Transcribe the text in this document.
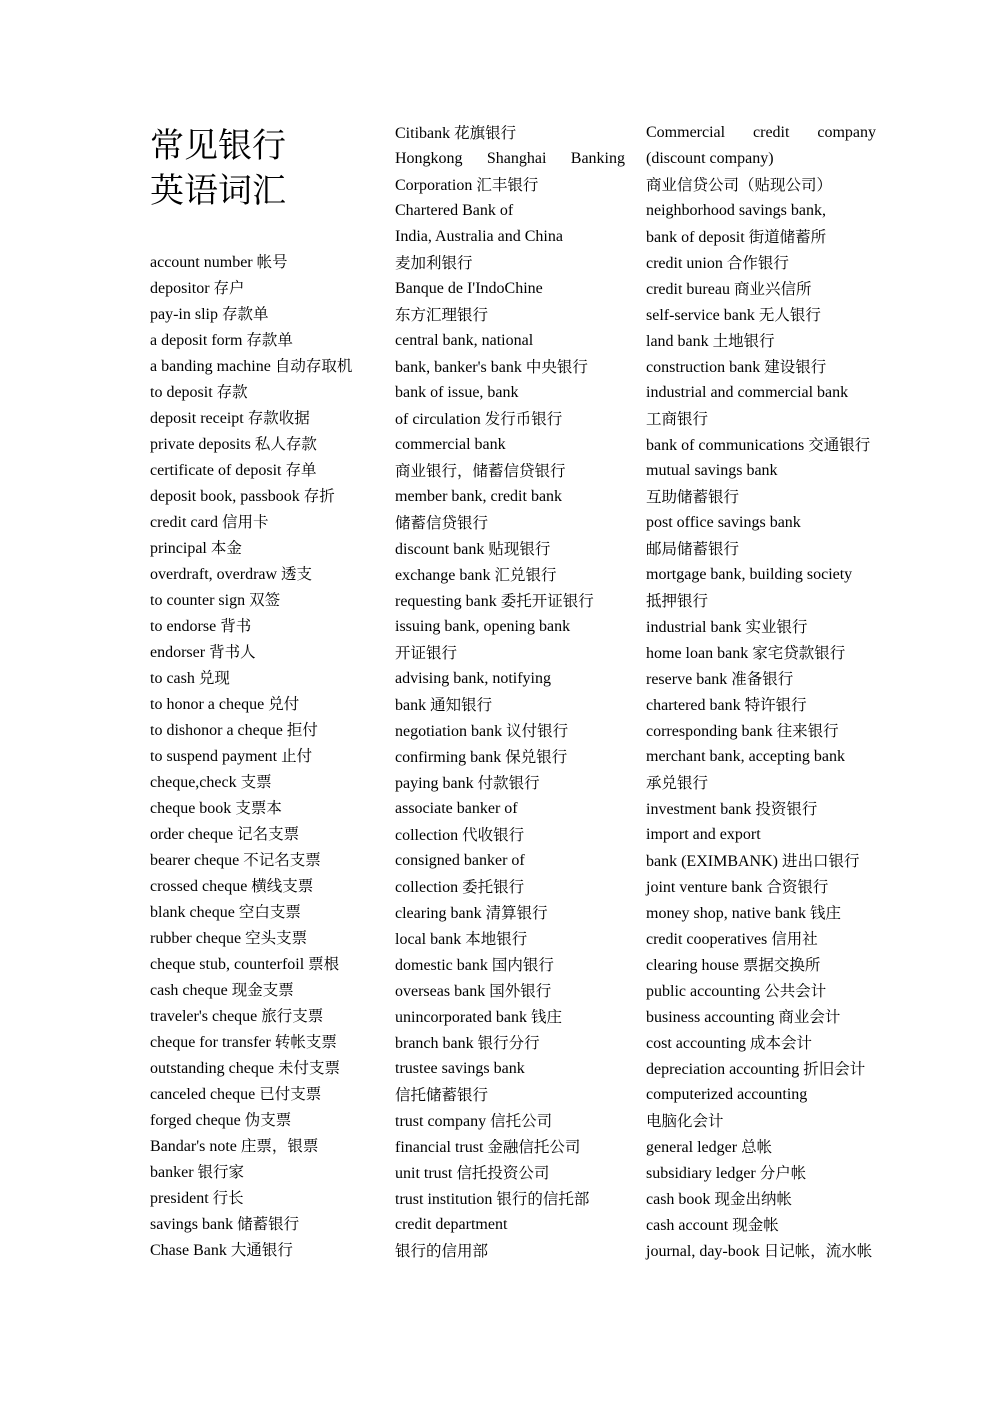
常见银行
英语词汇
account number 帐号
depositor 存户
pay-in slip 存款单
a deposit form 存款单
a banding machine 自动存取机
to deposit 存款
deposit receipt 存款收据
private deposits 私人存款
certificate of deposit 存单
deposit book, passbook 存折
credit card 信用卡
principal 本金
overdraft, overdraw 透支
to counter sign 双签
to endorse 背书
endorser 背书人
to cash 兑现
to honor a cheque 兑付
to dishonor a cheque 拒付
to suspend payment 止付
cheque,check 支票
cheque book 支票本
order cheque 记名支票
bearer cheque 不记名支票
crossed cheque 横线支票
blank cheque 空白支票
rubber cheque 空头支票
cheque stub, counterfoil 票根
cash cheque 现金支票
traveler's cheque 旅行支票
cheque for transfer 转帐支票
outstanding cheque 未付支票
canceled cheque 已付支票
forged cheque 伪支票
Bandar's note 庄票，银票
banker 银行家
president 行长
savings bank 储蓄银行
Chase Bank 大通银行
Citibank 花旗银行
Hongkong Shanghai Banking
Corporation 汇丰银行
Chartered Bank of
India, Australia and China
麦加利银行
Banque de I'IndoChine
东方汇理银行
central bank, national
bank, banker's bank 中央银行
bank of issue, bank
of circulation 发行币银行
commercial bank
商业银行，储蓄信贷银行
member bank, credit bank
储蓄信贷银行
discount bank 贴现银行
exchange bank 汇兑银行
requesting bank 委托开证银行
issuing bank, opening bank
开证银行
advising bank, notifying
bank 通知银行
negotiation bank 议付银行
confirming bank 保兑银行
paying bank 付款银行
associate banker of
collection 代收银行
consigned banker of
collection 委托银行
clearing bank 清算银行
local bank 本地银行
domestic bank 国内银行
overseas bank 国外银行
unincorporated bank 钱庄
branch bank 银行分行
trustee savings bank
信托储蓄银行
trust company 信托公司
financial trust 金融信托公司
unit trust 信托投资公司
trust institution 银行的信托部
credit department
银行的信用部
Commercial credit company
(discount company)
商业信贷公司（贴现公司）
neighborhood savings bank,
bank of deposit 街道储蓄所
credit union 合作银行
credit bureau 商业兴信所
self-service bank 无人银行
land bank 土地银行
construction bank 建设银行
industrial and commercial bank
工商银行
bank of communications 交通银行
mutual savings bank
互助储蓄银行
post office savings bank
邮局储蓄银行
mortgage bank, building society
抵押银行
industrial bank 实业银行
home loan bank 家宅贷款银行
reserve bank 准备银行
chartered bank 特许银行
corresponding bank 往来银行
merchant bank, accepting bank
承兑银行
investment bank 投资银行
import and export
bank (EXIMBANK) 进出口银行
joint venture bank 合资银行
money shop, native bank 钱庄
credit cooperatives 信用社
clearing house 票据交换所
public accounting 公共会计
business accounting 商业会计
cost accounting 成本会计
depreciation accounting 折旧会计
computerized accounting
电脑化会计
general ledger 总帐
subsidiary ledger 分户帐
cash book 现金出纳帐
cash account 现金帐
journal, day-book 日记帐，流水帐
